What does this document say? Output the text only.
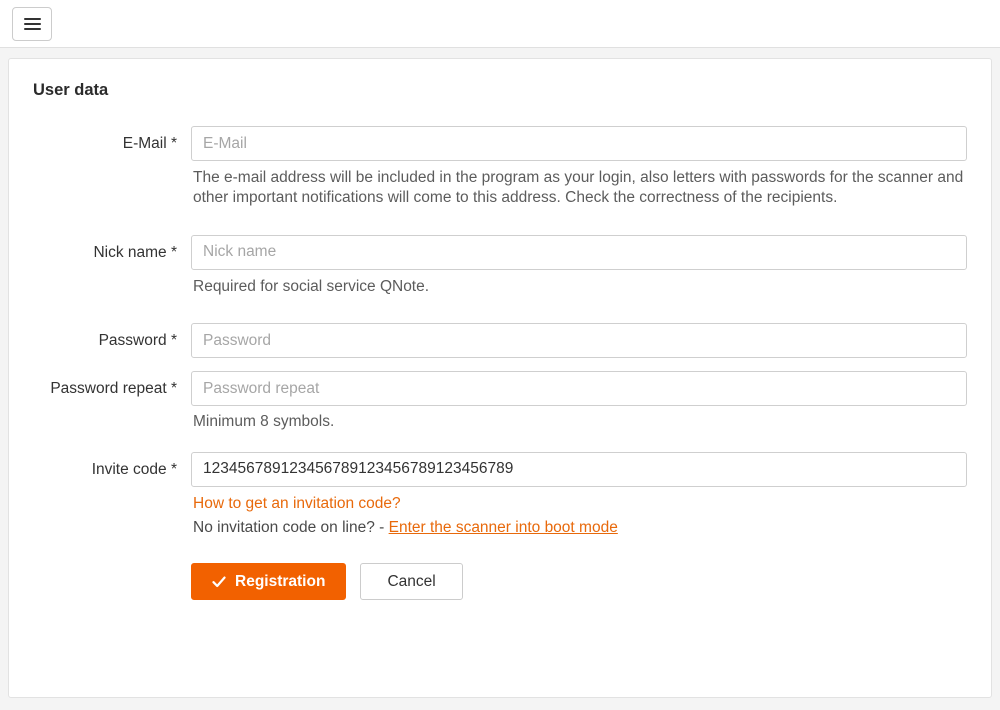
User data
E-Mail *
E-Mail
The e-mail address will be included in the program as your login, also letters with passwords for the scanner and other important notifications will come to this address. Check the correctness of the recipients.
Nick name *
Nick name
Required for social service QNote.
Password *
Password
Password repeat *
Password repeat
Minimum 8 symbols.
Invite code *
123456789123456789123456789123456789
How to get an invitation code?
No invitation code on line? - Enter the scanner into boot mode
Registration	Cancel
